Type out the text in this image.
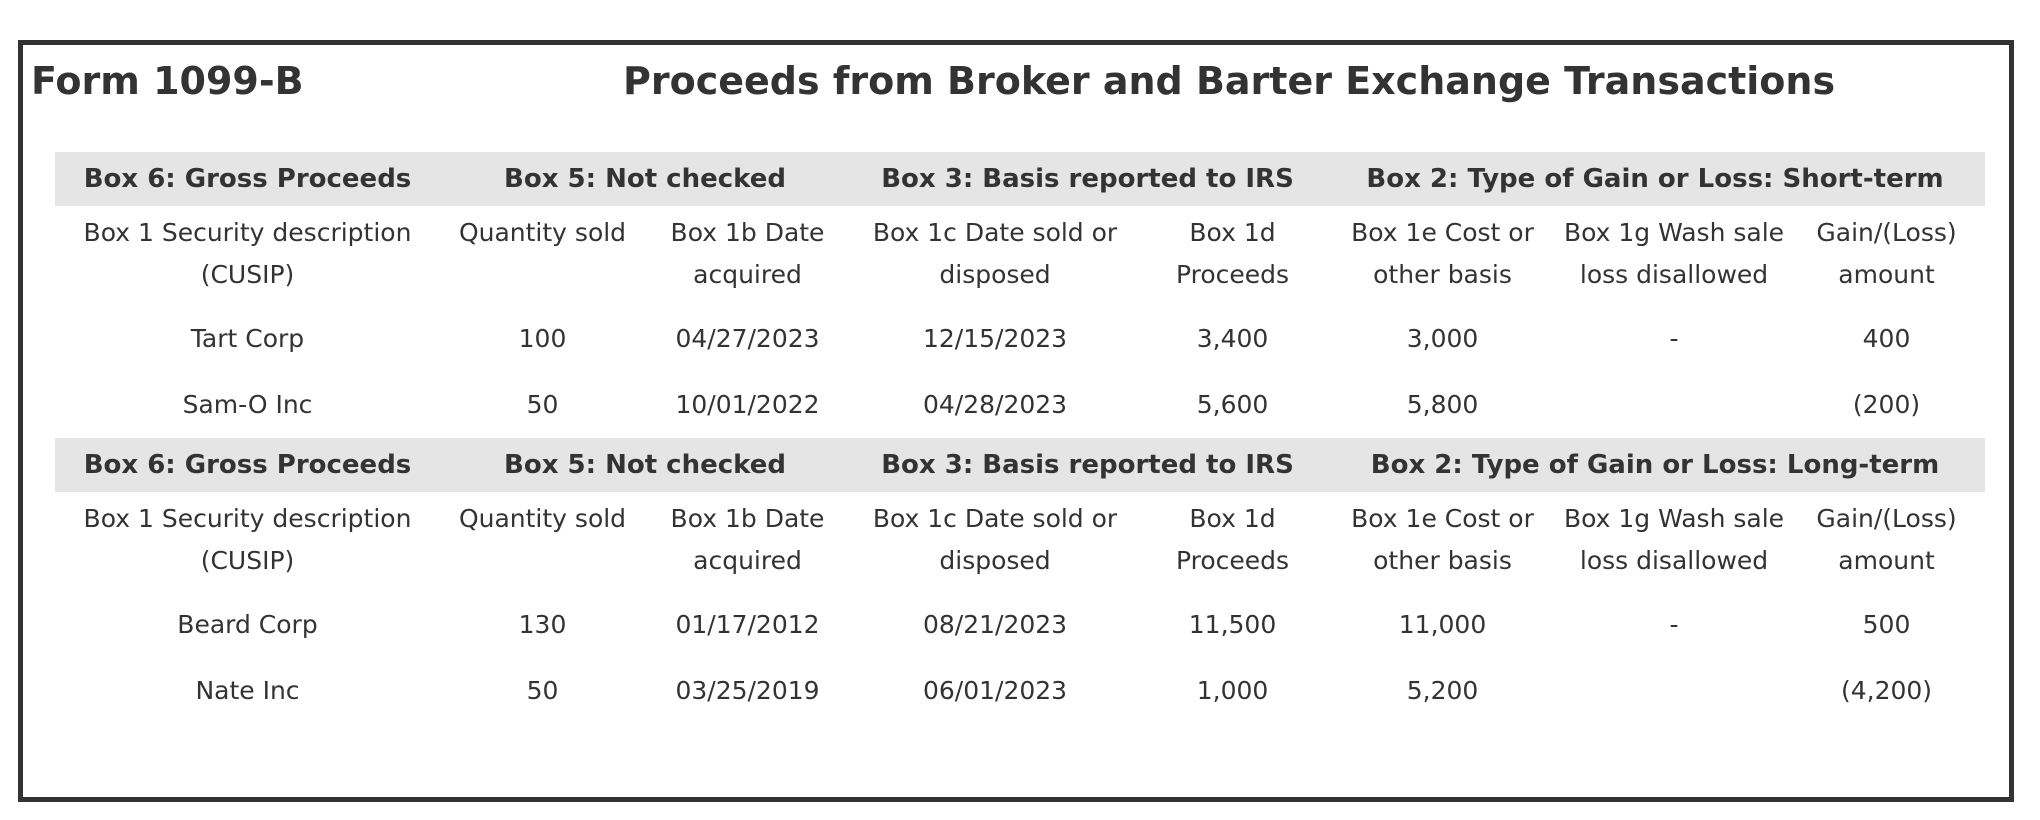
Form 1099-B	Proceeds from Broker and Barter Exchange Transactions
Box 6: Gross Proceeds	Box 5: Not checked		Box 3: Basis reported to IRS		Box 2: Type of Gain or Loss: Short-term		
Box 1 Security description (CUSIP)	Quantity sold	Box 1b Date acquired	Box 1c Date sold or disposed	Box 1d Proceeds	Box 1e Cost or other basis	Box 1g Wash sale loss disallowed	Gain/(Loss) amount
Tart Corp	100	04/27/2023	12/15/2023	3,400	3,000	-	400
Sam-O Inc	50	10/01/2022	04/28/2023	5,600	5,800		(200)
Box 6: Gross Proceeds	Box 5: Not checked		Box 3: Basis reported to IRS		Box 2: Type of Gain or Loss: Long-term		
Box 1 Security description (CUSIP)	Quantity sold	Box 1b Date acquired	Box 1c Date sold or disposed	Box 1d Proceeds	Box 1e Cost or other basis	Box 1g Wash sale loss disallowed	Gain/(Loss) amount
Beard Corp	130	01/17/2012	08/21/2023	11,500	11,000	-	500
Nate Inc	50	03/25/2019	06/01/2023	1,000	5,200		(4,200)
